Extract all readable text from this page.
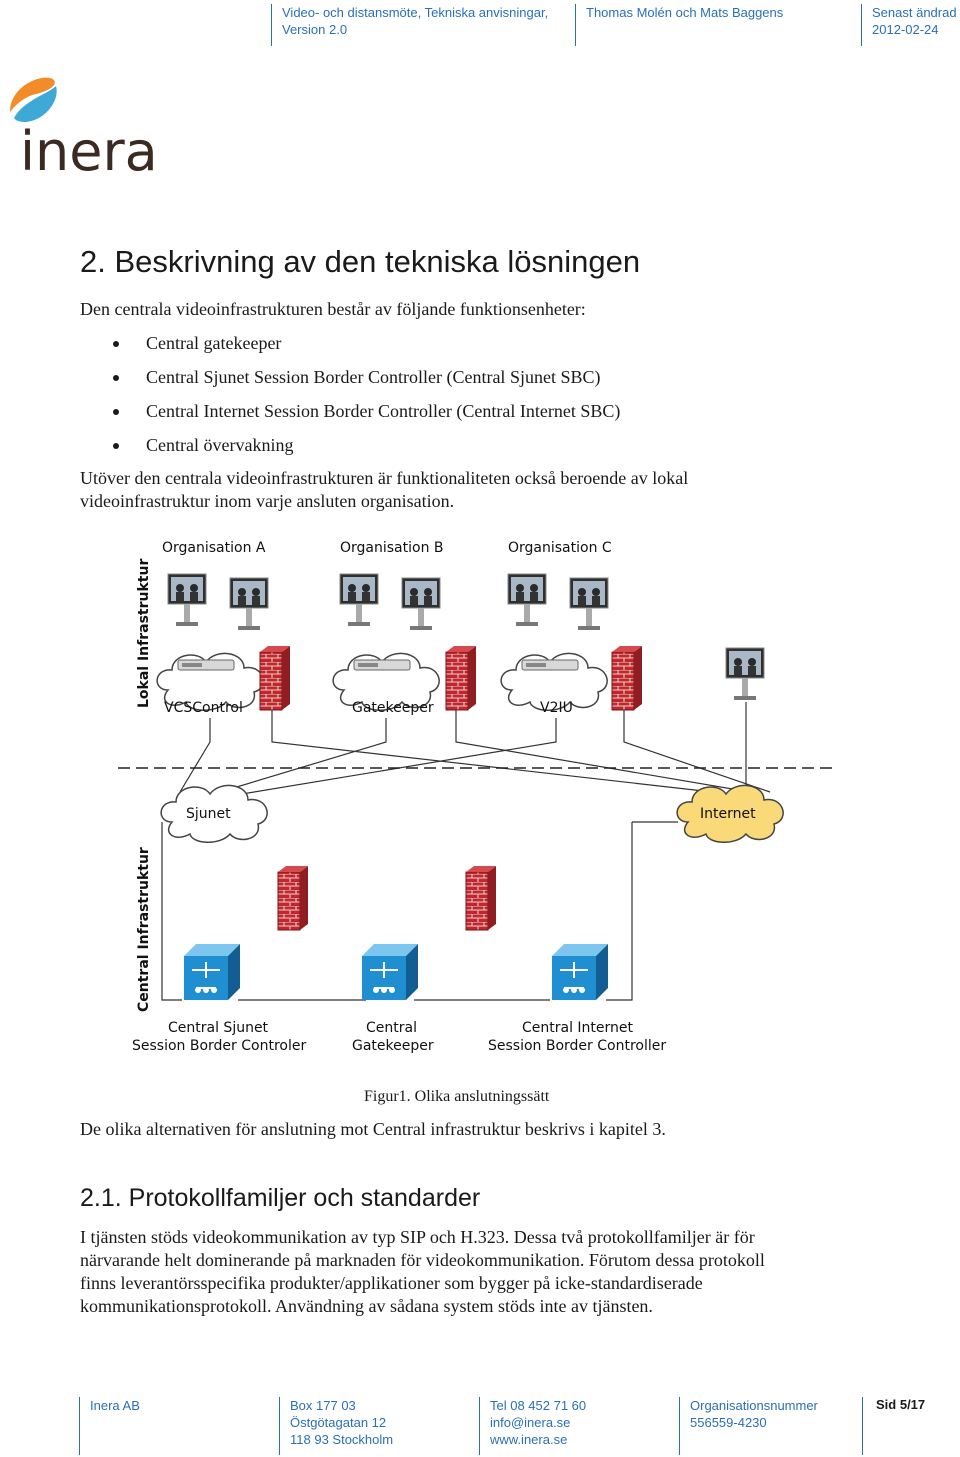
Video- och distansmöte, Tekniska anvisningar,
Version 2.0
Thomas Molén och Mats Baggens	Senast ändrad
2012-02-24
inera
2. Beskrivning av den tekniska lösningen

Den centrala videoinfrastrukturen består av följande funktionsenheter:

Central gatekeeper
Central Sjunet Session Border Controller (Central Sjunet SBC)
Central Internet Session Border Controller (Central Internet SBC)
Central övervakning

Utöver den centrala videoinfrastrukturen är funktionaliteten också beroende av lokal

videoinfrastruktur inom varje ansluten organisation.

Organisation A	Organisation B	Organisation C
Lokal Infrastruktur
Central Infrastruktur
VCSControl	Gatekeeper	V2IU
Sjunet	Internet
Central Sjunet
Session Border Controler
Central
Gatekeeper
Central Internet
Session Border Controller
Figur1. Olika anslutningssätt

De olika alternativen för anslutning mot Central infrastruktur beskrivs i kapitel 3.

2.1. Protokollfamiljer och standarder

I tjänsten stöds videokommunikation av typ SIP och H.323. Dessa två protokollfamiljer är för

närvarande helt dominerande på marknaden för videokommunikation. Förutom dessa protokoll

finns leverantörsspecifika produkter/applikationer som bygger på icke-standardiserade

kommunikationsprotokoll. Användning av sådana system stöds inte av tjänsten.

Inera AB	Box 177 03
Östgötagatan 12
118 93 Stockholm
Tel 08 452 71 60
info@inera.se
www.inera.se
Organisationsnummer
556559-4230
Sid 5/17
